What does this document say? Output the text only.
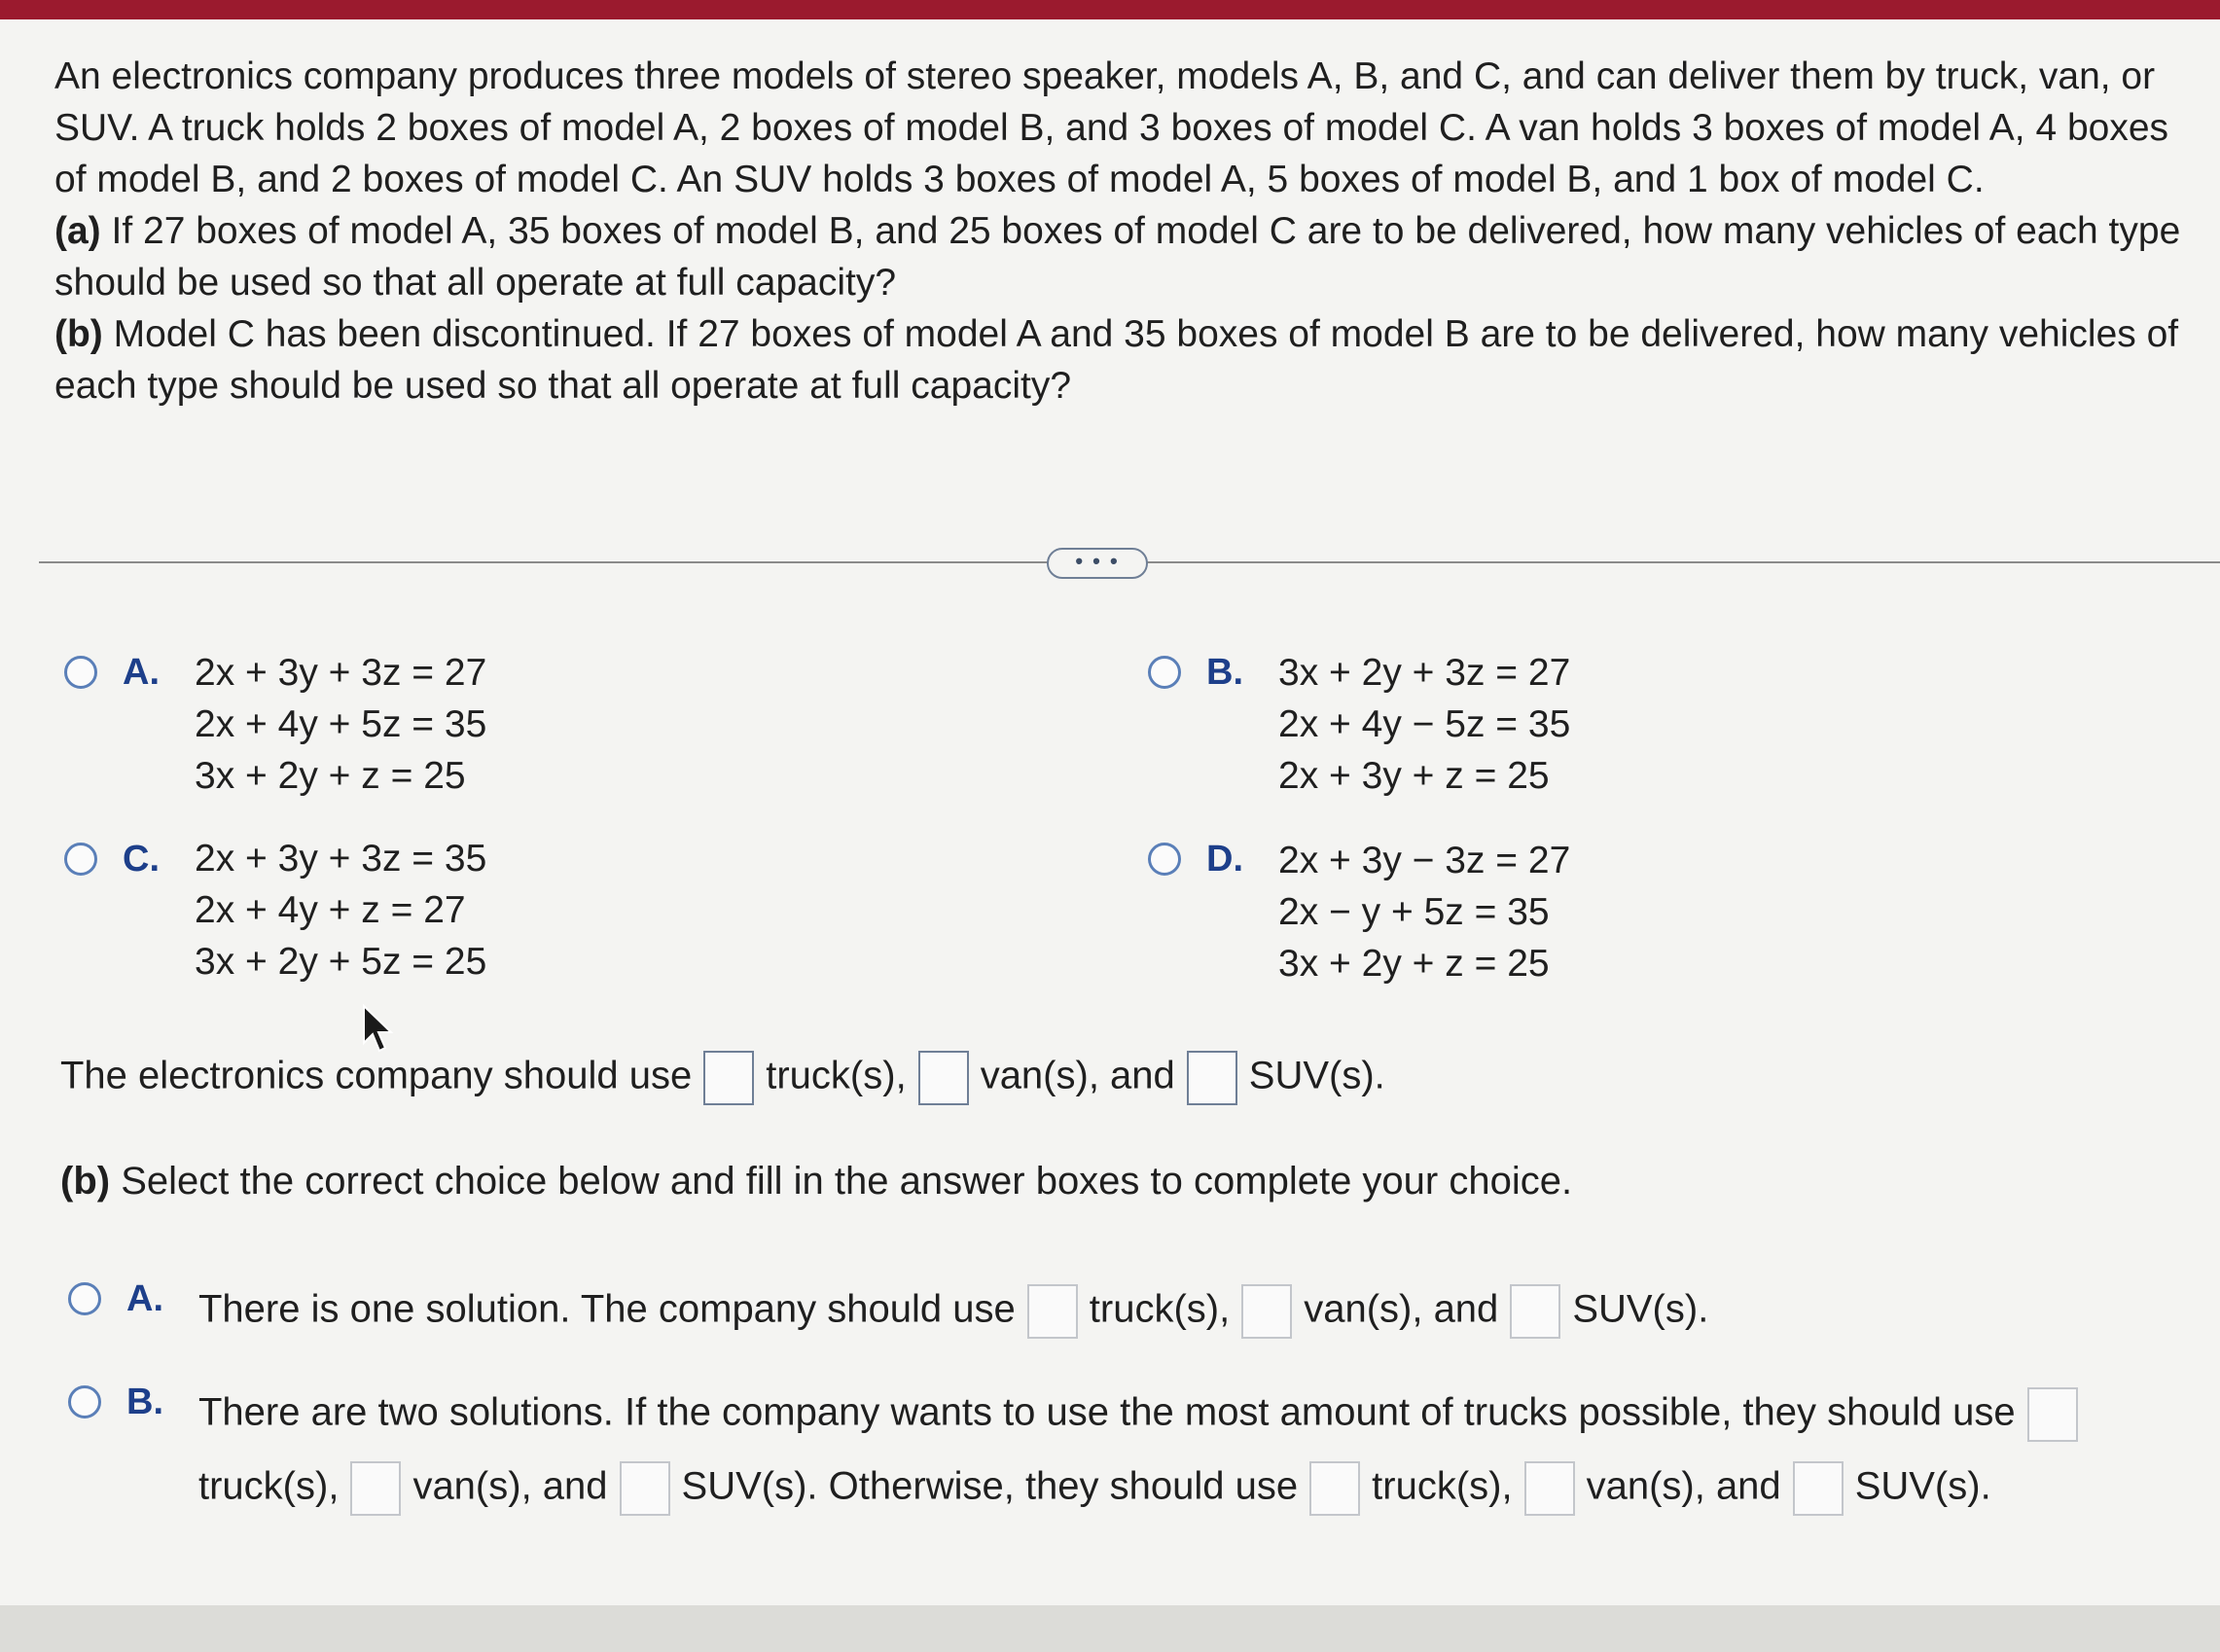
An electronics company produces three models of stereo speaker, models A, B, and C, and can deliver them by truck, van, or SUV. A truck holds 2 boxes of model A, 2 boxes of model B, and 3 boxes of model C. A van holds 3 boxes of model A, 4 boxes of model B, and 2 boxes of model C. An SUV holds 3 boxes of model A, 5 boxes of model B, and 1 box of model C.

(a) If 27 boxes of model A, 35 boxes of model B, and 25 boxes of model C are to be delivered, how many vehicles of each type should be used so that all operate at full capacity?

(b) Model C has been discontinued. If 27 boxes of model A and 35 boxes of model B are to be delivered, how many vehicles of each type should be used so that all operate at full capacity?

• • •
A. 2x + 3y + 3z = 27
2x + 4y + 5z = 35
3x + 2y + z = 25
B. 3x + 2y + 3z = 27
2x + 4y − 5z = 35
2x + 3y + z = 25
C. 2x + 3y + 3z = 35
2x + 4y + z = 27
3x + 2y + 5z = 25
D. 2x + 3y − 3z = 27
2x − y + 5z = 35
3x + 2y + z = 25
The electronics company should use truck(s), van(s), and SUV(s).
(b) Select the correct choice below and fill in the answer boxes to complete your choice.
A. There is one solution. The company should use truck(s), van(s), and SUV(s).
B. There are two solutions. If the company wants to use the most amount of trucks possible, they should use
truck(s), van(s), and SUV(s). Otherwise, they should use truck(s), van(s), and SUV(s).
